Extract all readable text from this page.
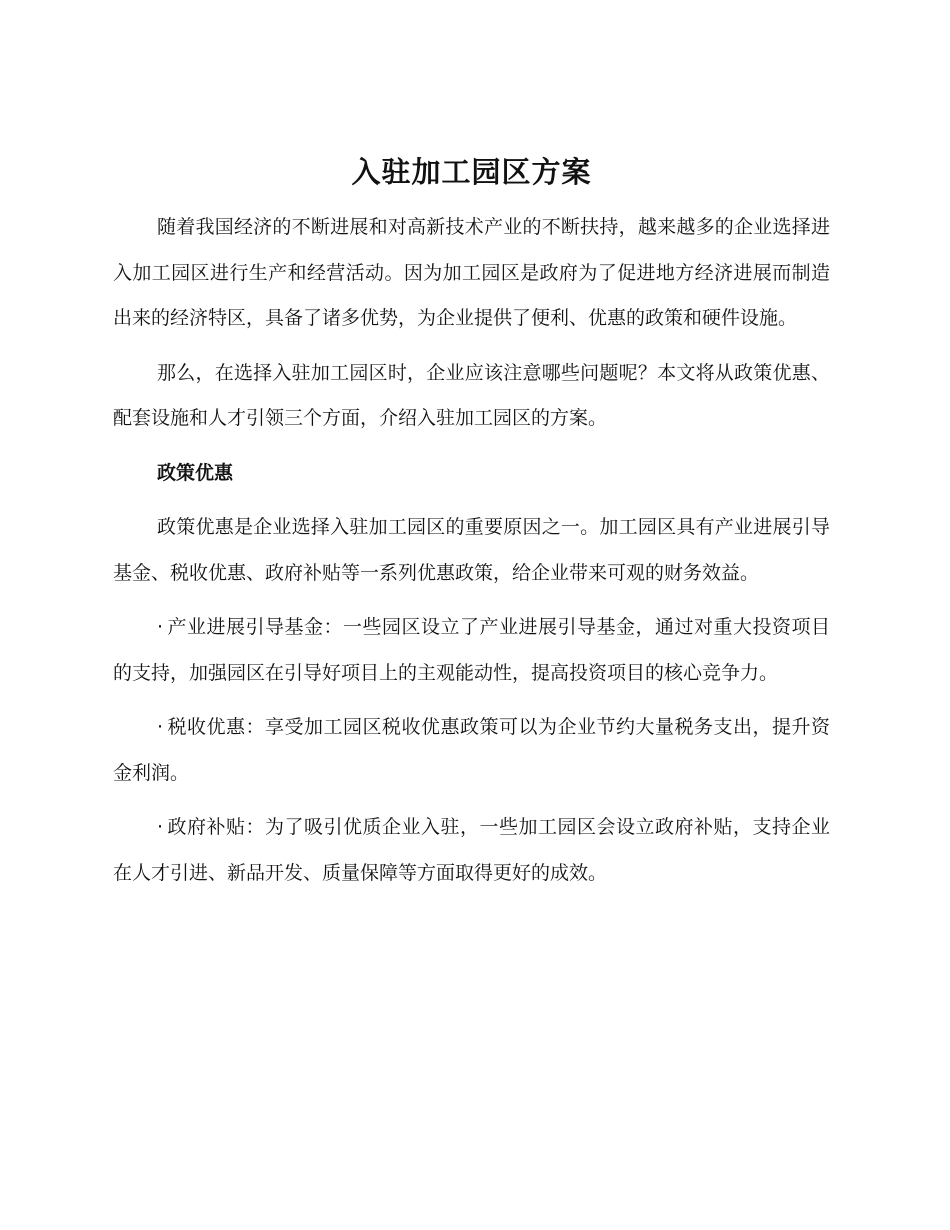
入驻加工园区方案

随着我国经济的不断进展和对高新技术产业的不断扶持，越来越多的企业选择进入加工园区进行生产和经营活动。因为加工园区是政府为了促进地方经济进展而制造出来的经济特区，具备了诸多优势，为企业提供了便利、优惠的政策和硬件设施。

那么，在选择入驻加工园区时，企业应该注意哪些问题呢？本文将从政策优惠、配套设施和人才引领三个方面，介绍入驻加工园区的方案。

政策优惠

政策优惠是企业选择入驻加工园区的重要原因之一。加工园区具有产业进展引导基金、税收优惠、政府补贴等一系列优惠政策，给企业带来可观的财务效益。

· 产业进展引导基金：一些园区设立了产业进展引导基金，通过对重大投资项目的支持，加强园区在引导好项目上的主观能动性，提高投资项目的核心竞争力。

· 税收优惠：享受加工园区税收优惠政策可以为企业节约大量税务支出，提升资金利润。

· 政府补贴：为了吸引优质企业入驻，一些加工园区会设立政府补贴，支持企业在人才引进、新品开发、质量保障等方面取得更好的成效。
